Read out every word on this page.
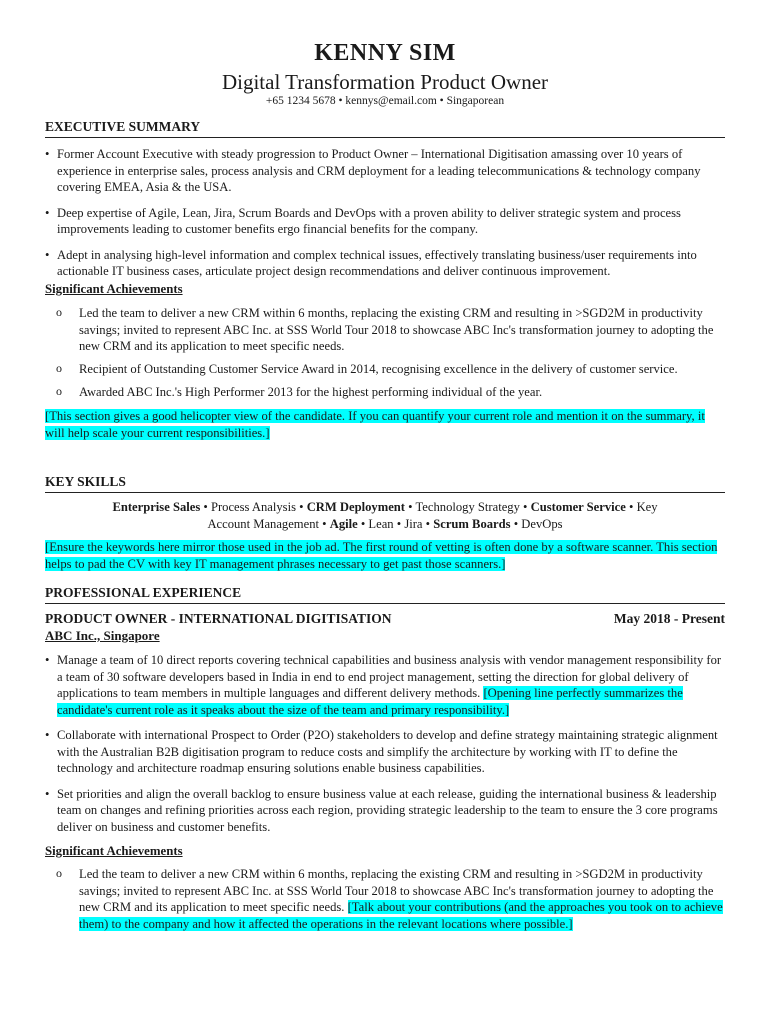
KENNY SIM
Digital Transformation Product Owner
+65 1234 5678 • kennys@email.com • Singaporean
EXECUTIVE SUMMARY
• Former Account Executive with steady progression to Product Owner – International Digitisation amassing over 10 years of experience in enterprise sales, process analysis and CRM deployment for a leading telecommunications & technology company covering EMEA, Asia & the USA.
• Deep expertise of Agile, Lean, Jira, Scrum Boards and DevOps with a proven ability to deliver strategic system and process improvements leading to customer benefits ergo financial benefits for the company.
• Adept in analysing high-level information and complex technical issues, effectively translating business/user requirements into actionable IT business cases, articulate project design recommendations and deliver continuous improvement.
Significant Achievements
o Led the team to deliver a new CRM within 6 months, replacing the existing CRM and resulting in >SGD2M in productivity savings; invited to represent ABC Inc. at SSS World Tour 2018 to showcase ABC Inc's transformation journey to adopting the new CRM and its application to meet specific needs.
o Recipient of Outstanding Customer Service Award in 2014, recognising excellence in the delivery of customer service.
o Awarded ABC Inc.'s High Performer 2013 for the highest performing individual of the year.
[This section gives a good helicopter view of the candidate. If you can quantify your current role and mention it on the summary, it will help scale your current responsibilities.]
KEY SKILLS
Enterprise Sales • Process Analysis • CRM Deployment • Technology Strategy • Customer Service • Key Account Management • Agile • Lean • Jira • Scrum Boards • DevOps
[Ensure the keywords here mirror those used in the job ad. The first round of vetting is often done by a software scanner. This section helps to pad the CV with key IT management phrases necessary to get past those scanners.]
PROFESSIONAL EXPERIENCE
PRODUCT OWNER - INTERNATIONAL DIGITISATION	May 2018 - Present
ABC Inc., Singapore
• Manage a team of 10 direct reports covering technical capabilities and business analysis with vendor management responsibility for a team of 30 software developers based in India in end to end project management, setting the direction for global delivery of applications to team members in multiple languages and different delivery methods. [Opening line perfectly summarizes the candidate's current role as it speaks about the size of the team and primary responsibility.]
• Collaborate with international Prospect to Order (P2O) stakeholders to develop and define strategy maintaining strategic alignment with the Australian B2B digitisation program to reduce costs and simplify the architecture by working with IT to define the technology and architecture roadmap ensuring solutions enable business capabilities.
• Set priorities and align the overall backlog to ensure business value at each release, guiding the international business & leadership team on changes and refining priorities across each region, providing strategic leadership to the team to ensure the 3 core programs deliver on business and customer benefits.
Significant Achievements
o Led the team to deliver a new CRM within 6 months, replacing the existing CRM and resulting in >SGD2M in productivity savings; invited to represent ABC Inc. at SSS World Tour 2018 to showcase ABC Inc's transformation journey to adopting the new CRM and its application to meet specific needs. [Talk about your contributions (and the approaches you took on to achieve them) to the company and how it affected the operations in the relevant locations where possible.]
